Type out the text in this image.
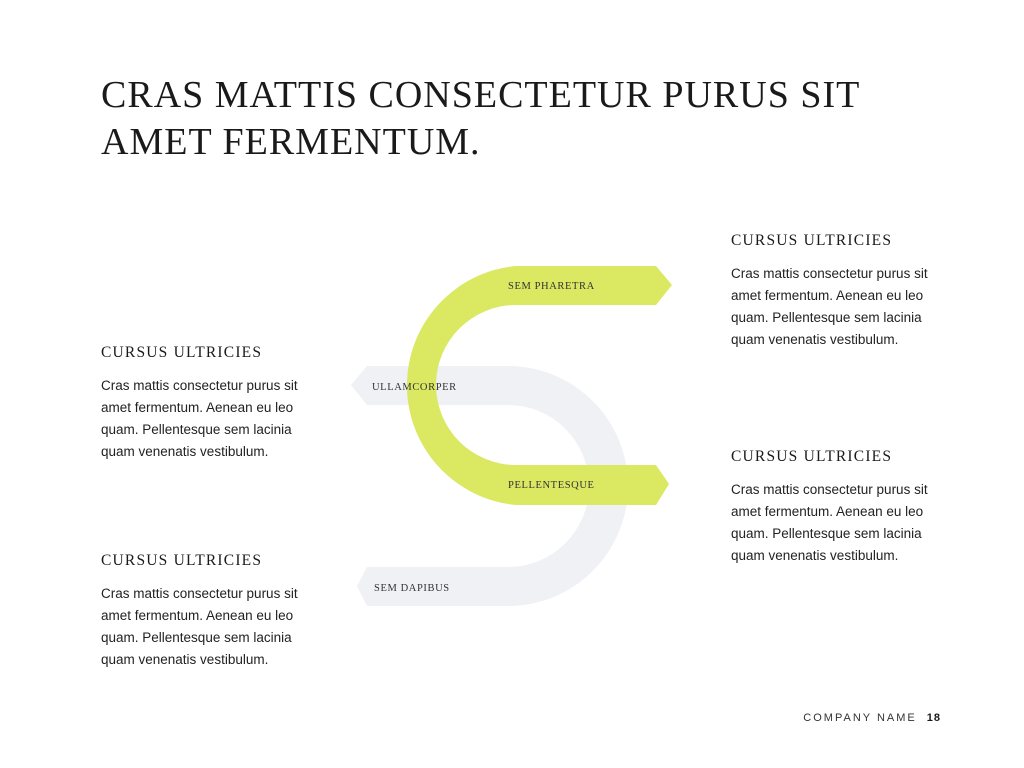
CRAS MATTIS CONSECTETUR PURUS SIT AMET FERMENTUM.
CURSUS ULTRICIES

Cras mattis consectetur purus sit amet fermentum. Aenean eu leo quam. Pellentesque sem lacinia quam venenatis vestibulum.

CURSUS ULTRICIES

Cras mattis consectetur purus sit amet fermentum. Aenean eu leo quam. Pellentesque sem lacinia quam venenatis vestibulum.

CURSUS ULTRICIES

Cras mattis consectetur purus sit amet fermentum. Aenean eu leo quam. Pellentesque sem lacinia quam venenatis vestibulum.

CURSUS ULTRICIES

Cras mattis consectetur purus sit amet fermentum. Aenean eu leo quam. Pellentesque sem lacinia quam venenatis vestibulum.

SEM PHARETRA
ULLAMCORPER
PELLENTESQUE
SEM DAPIBUS
COMPANY NAME 18
